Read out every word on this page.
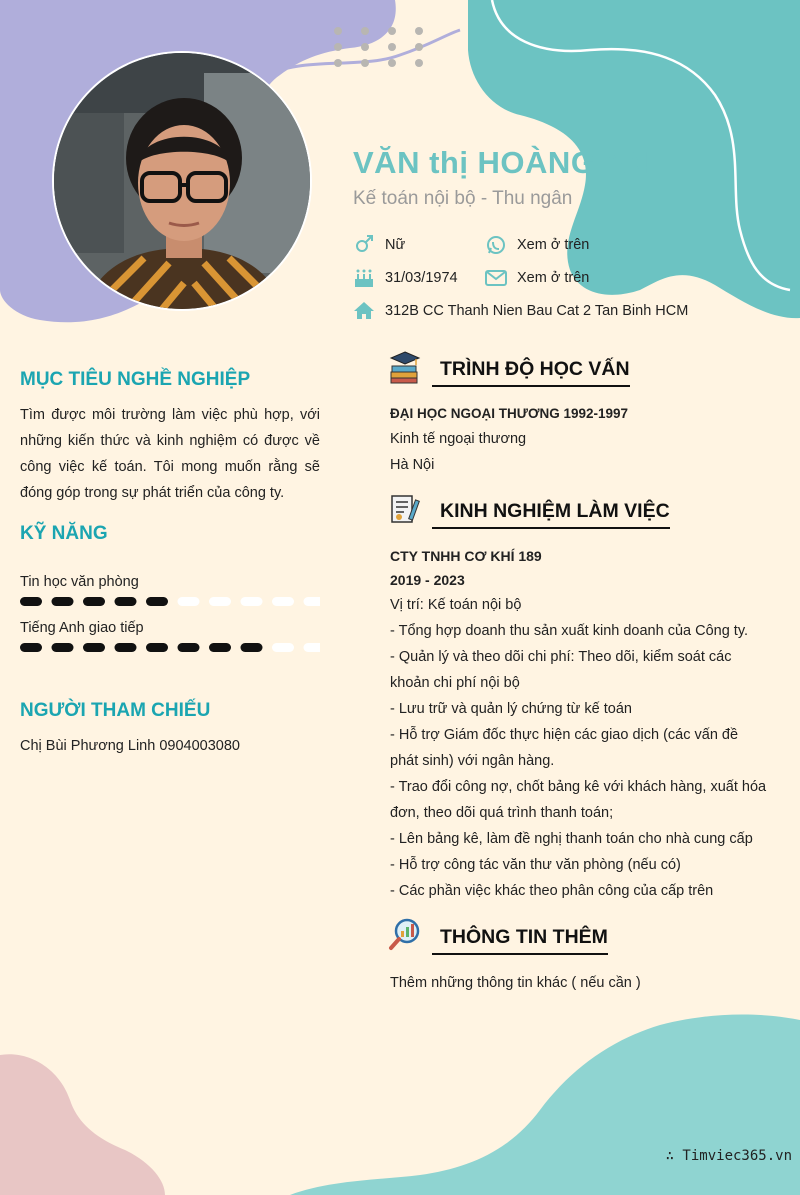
VĂN thị HOÀNG ANH
Kế toán nội bộ - Thu ngân
Nữ
31/03/1974
312B CC Thanh Nien Bau Cat 2 Tan Binh HCM
Xem ở trên
Xem ở trên
MỤC TIÊU NGHỀ NGHIỆP
Tìm được môi trường làm việc phù hợp, với những kiến thức và kinh nghiệm có được về công việc kế toán. Tôi mong muốn rằng sẽ đóng góp trong sự phát triển của công ty.
KỸ NĂNG
Tin học văn phòng
Tiếng Anh giao tiếp
NGƯỜI THAM CHIẾU
Chị Bùi Phương Linh 0904003080
TRÌNH ĐỘ HỌC VẤN
ĐẠI HỌC NGOẠI THƯƠNG 1992-1997
Kinh tế ngoại thương
Hà Nội
KINH NGHIỆM LÀM VIỆC
CTY TNHH CƠ KHÍ 189
2019 - 2023
Vị trí: Kế toán nội bộ
- Tổng hợp doanh thu sản xuất kinh doanh của Công ty.
- Quản lý và theo dõi chi phí: Theo dõi, kiểm soát các khoản chi phí nội bộ
- Lưu trữ và quản lý chứng từ kế toán
- Hỗ trợ Giám đốc thực hiện các giao dịch (các vấn đề phát sinh) với ngân hàng.
- Trao đổi công nợ, chốt bảng kê với khách hàng, xuất hóa đơn, theo dõi quá trình thanh toán;
- Lên bảng kê, làm đề nghị thanh toán cho nhà cung cấp
- Hỗ trợ công tác văn thư văn phòng (nếu có)
- Các phần việc khác theo phân công của cấp trên
THÔNG TIN THÊM
Thêm những thông tin khác ( nếu cần )
∴ Timviec365.vn
